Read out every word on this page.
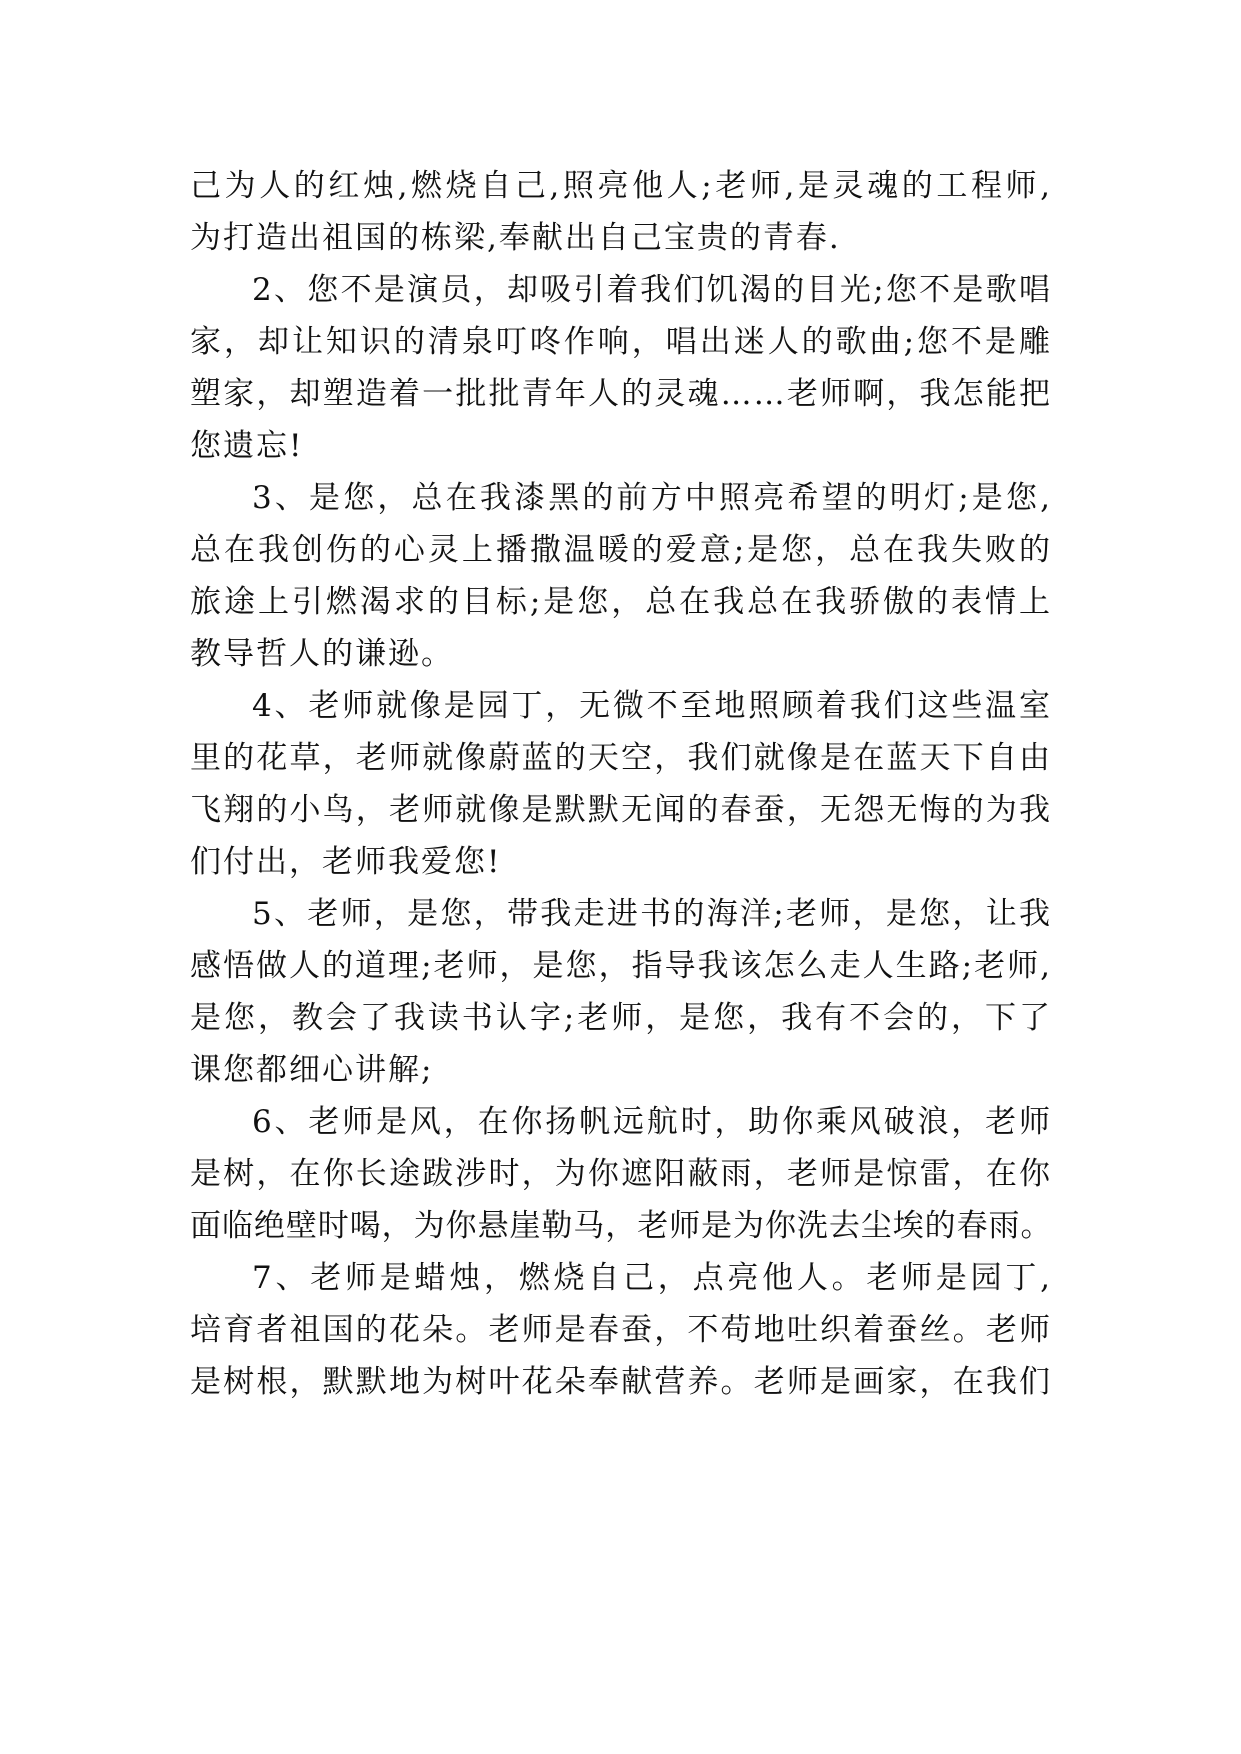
己为人的红烛,燃烧自己,照亮他人;老师,是灵魂的工程师,
为打造出祖国的栋梁,奉献出自己宝贵的青春.
2、您不是演员，却吸引着我们饥渴的目光;您不是歌唱
家，却让知识的清泉叮咚作响，唱出迷人的歌曲;您不是雕
塑家，却塑造着一批批青年人的灵魂……老师啊，我怎能把
您遗忘!
3、是您，总在我漆黑的前方中照亮希望的明灯;是您,
总在我创伤的心灵上播撒温暖的爱意;是您，总在我失败的
旅途上引燃渴求的目标;是您，总在我总在我骄傲的表情上
教导哲人的谦逊。
4、老师就像是园丁，无微不至地照顾着我们这些温室
里的花草，老师就像蔚蓝的天空，我们就像是在蓝天下自由
飞翔的小鸟，老师就像是默默无闻的春蚕，无怨无悔的为我
们付出，老师我爱您!
5、老师，是您，带我走进书的海洋;老师，是您，让我
感悟做人的道理;老师，是您，指导我该怎么走人生路;老师,
是您，教会了我读书认字;老师，是您，我有不会的，下了
课您都细心讲解;
6、老师是风，在你扬帆远航时，助你乘风破浪，老师
是树，在你长途跋涉时，为你遮阳蔽雨，老师是惊雷，在你
面临绝壁时喝，为你悬崖勒马，老师是为你洗去尘埃的春雨。
7、老师是蜡烛，燃烧自己，点亮他人。老师是园丁,
培育者祖国的花朵。老师是春蚕，不苟地吐织着蚕丝。老师
是树根，默默地为树叶花朵奉献营养。老师是画家，在我们
